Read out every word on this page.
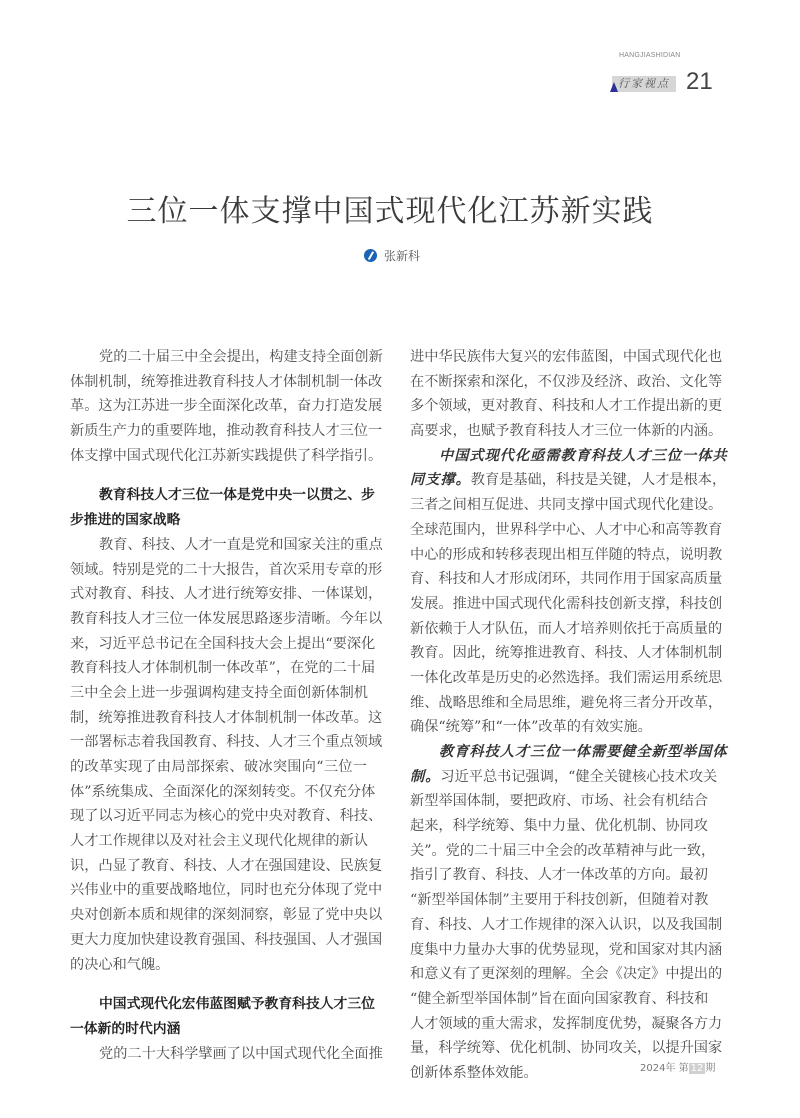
HANGJIASHIDIAN
行家视点 21
三位一体支撑中国式现代化江苏新实践
张新科
党的二十届三中全会提出，构建支持全面创新
体制机制，统筹推进教育科技人才体制机制一体改
革。这为江苏进一步全面深化改革，奋力打造发展
新质生产力的重要阵地，推动教育科技人才三位一
体支撑中国式现代化江苏新实践提供了科学指引。
教育科技人才三位一体是党中央一以贯之、步
步推进的国家战略
教育、科技、人才一直是党和国家关注的重点
领域。特别是党的二十大报告，首次采用专章的形
式对教育、科技、人才进行统筹安排、一体谋划，
教育科技人才三位一体发展思路逐步清晰。今年以
来，习近平总书记在全国科技大会上提出“要深化
教育科技人才体制机制一体改革”，在党的二十届
三中全会上进一步强调构建支持全面创新体制机
制，统筹推进教育科技人才体制机制一体改革。这
一部署标志着我国教育、科技、人才三个重点领域
的改革实现了由局部探索、破冰突围向“三位一
体”系统集成、全面深化的深刻转变。不仅充分体
现了以习近平同志为核心的党中央对教育、科技、
人才工作规律以及对社会主义现代化规律的新认
识，凸显了教育、科技、人才在强国建设、民族复
兴伟业中的重要战略地位，同时也充分体现了党中
央对创新本质和规律的深刻洞察，彰显了党中央以
更大力度加快建设教育强国、科技强国、人才强国
的决心和气魄。
中国式现代化宏伟蓝图赋予教育科技人才三位
一体新的时代内涵
党的二十大科学擘画了以中国式现代化全面推
进中华民族伟大复兴的宏伟蓝图，中国式现代化也
在不断探索和深化，不仅涉及经济、政治、文化等
多个领域，更对教育、科技和人才工作提出新的更
高要求，也赋予教育科技人才三位一体新的内涵。
中国式现代化亟需教育科技人才三位一体共
同支撑。教育是基础，科技是关键，人才是根本，
三者之间相互促进、共同支撑中国式现代化建设。
全球范围内，世界科学中心、人才中心和高等教育
中心的形成和转移表现出相互伴随的特点，说明教
育、科技和人才形成闭环，共同作用于国家高质量
发展。推进中国式现代化需科技创新支撑，科技创
新依赖于人才队伍，而人才培养则依托于高质量的
教育。因此，统筹推进教育、科技、人才体制机制
一体化改革是历史的必然选择。我们需运用系统思
维、战略思维和全局思维，避免将三者分开改革，
确保“统筹”和“一体”改革的有效实施。
教育科技人才三位一体需要健全新型举国体
制。习近平总书记强调，“健全关键核心技术攻关
新型举国体制，要把政府、市场、社会有机结合
起来，科学统筹、集中力量、优化机制、协同攻
关”。党的二十届三中全会的改革精神与此一致，
指引了教育、科技、人才一体改革的方向。最初
“新型举国体制”主要用于科技创新，但随着对教
育、科技、人才工作规律的深入认识，以及我国制
度集中力量办大事的优势显现，党和国家对其内涵
和意义有了更深刻的理解。全会《决定》中提出的
“健全新型举国体制”旨在面向国家教育、科技和
人才领域的重大需求，发挥制度优势，凝聚各方力
量，科学统筹、优化机制、协同攻关，以提升国家
创新体系整体效能。	2024年 第 12 期
